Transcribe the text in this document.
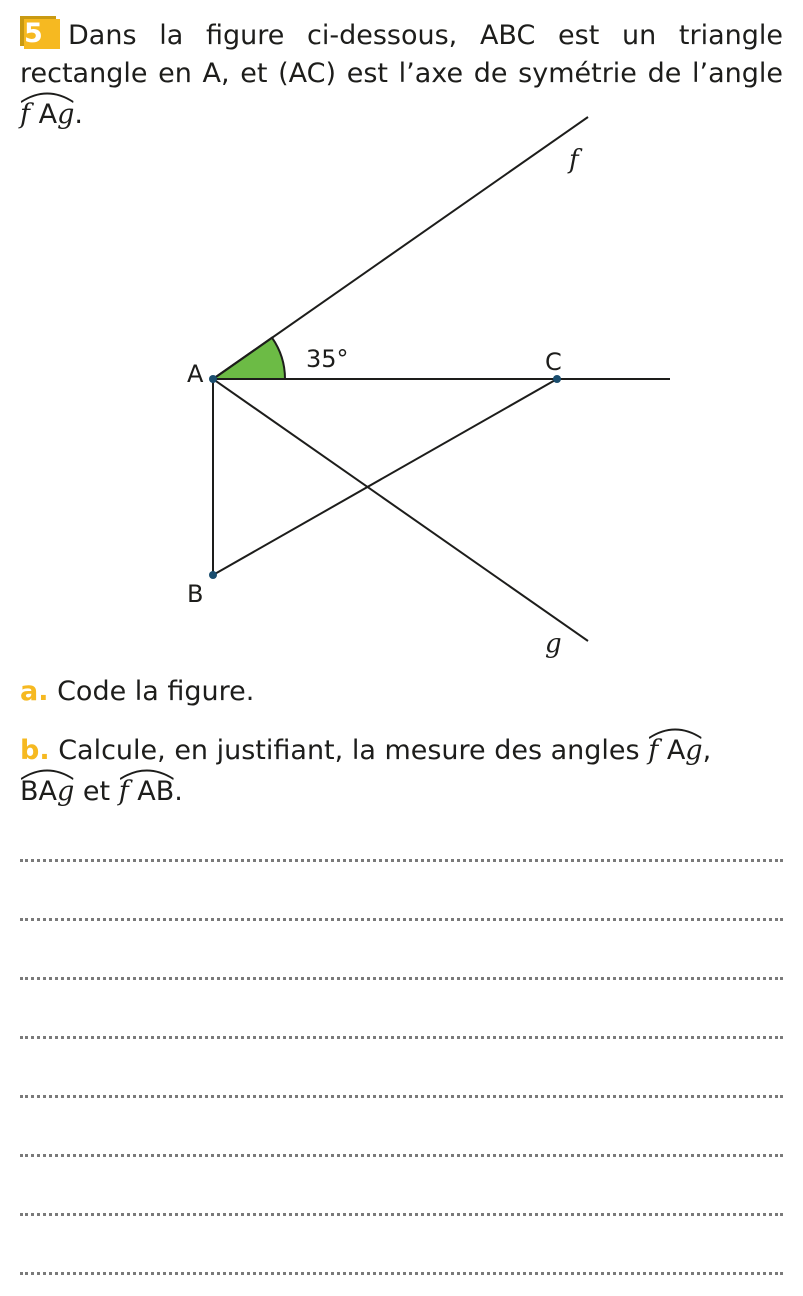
5 Dans la figure ci-dessous, ABC est un triangle rectangle en A, et (AC) est l’axe de symétrie de l’angle
f Ag.

A
B
C
f
g
35°

a. Code la figure.

b. Calcule, en justifiant, la mesure des angles f Ag,

BAg et f AB.
